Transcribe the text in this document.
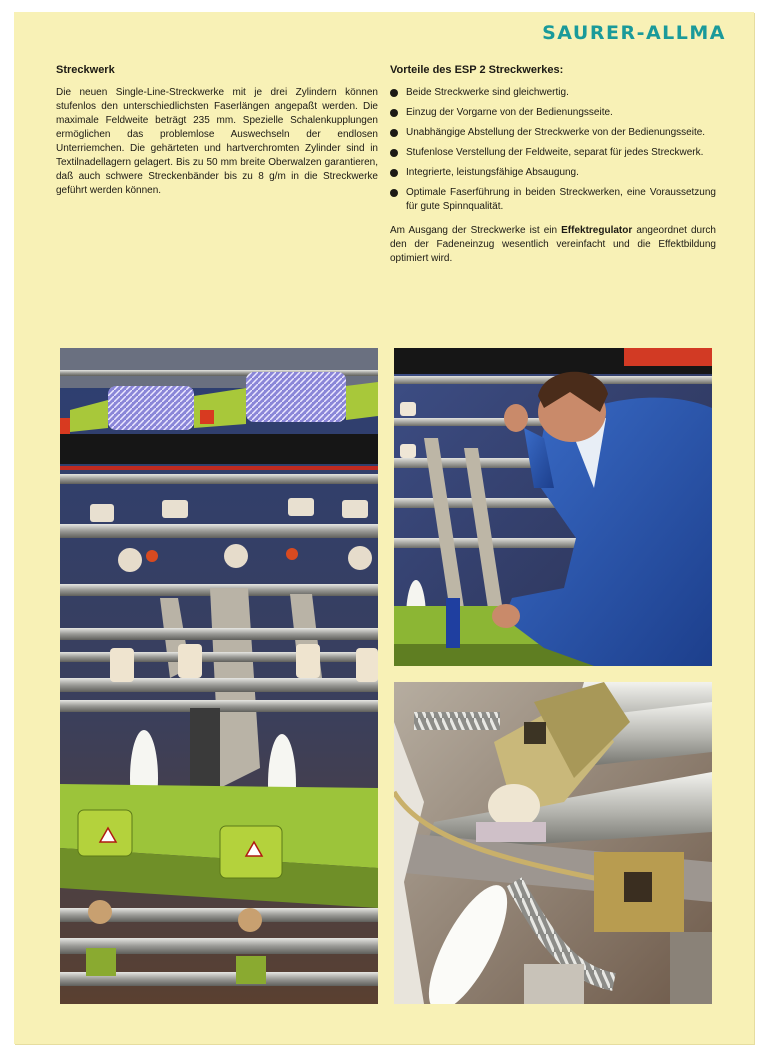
SAURER-ALLMA
Streckwerk

Die neuen Single-Line-Streckwerke mit je drei Zylindern können stufenlos den unterschiedlichsten Faserlängen angepaßt werden. Die maximale Feldweite beträgt 235 mm. Spezielle Schalenkupplungen ermöglichen das problemlose Auswechseln der endlosen Unterriemchen. Die gehärteten und hartverchromten Zylinder sind in Textilnadellagern gelagert. Bis zu 50 mm breite Oberwalzen garantieren, daß auch schwere Streckenbänder bis zu 8 g/m in die Streckwerke geführt werden können.

Vorteile des ESP 2 Streckwerkes:
Beide Streckwerke sind gleichwertig.
Einzug der Vorgarne von der Bedienungsseite.
Unabhängige Abstellung der Streckwerke von der Bedienungsseite.
Stufenlose Verstellung der Feldweite, separat für jedes Streckwerk.
Integrierte, leistungsfähige Absaugung.
Optimale Faserführung in beiden Streckwerken, eine Voraussetzung für gute Spinnqualität.

Am Ausgang der Streckwerke ist ein Effektregulator angeordnet durch den der Fadeneinzug wesentlich vereinfacht und die Effektbildung optimiert wird.
